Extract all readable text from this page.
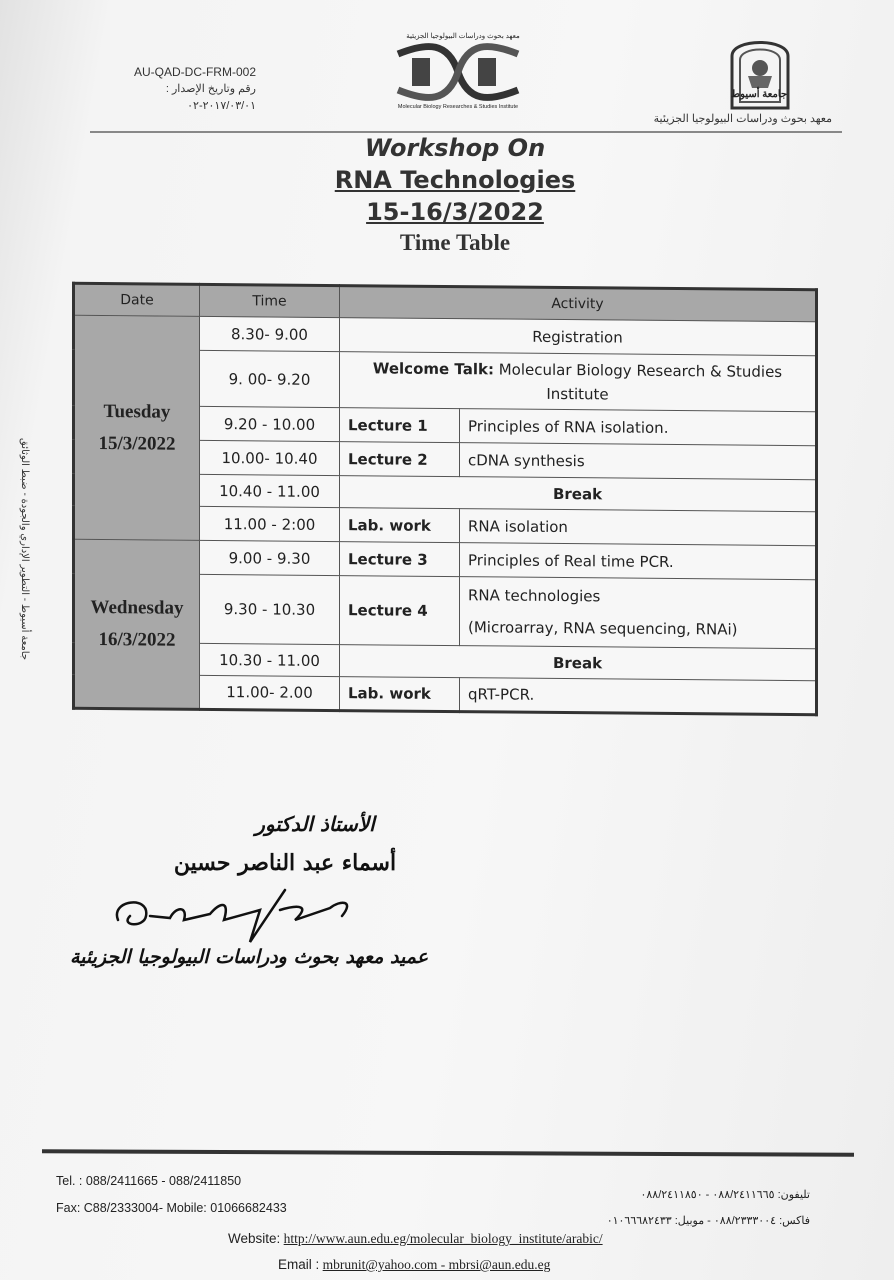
AU-QAD-DC-FRM-002
رقم وتاريخ الإصدار : ٢٠١٧/٠٣/٠١-٠٢
معهد بحوث ودراسات البيولوجيا الجزيئية
Molecular Biology Researches & Studies Institute
جامعة أسيوط
معهد بحوث ودراسات البيولوجيا الجزيئية
Workshop On
RNA Technologies
15-16/3/2022
Time Table
Date	Time	Activity	
Tuesday
15/3/2022	8.30- 9.00	Registration	
	9. 00- 9.20	Welcome Talk: Molecular Biology Research & Studies Institute	
	9.20 - 10.00	Lecture 1	Principles of RNA isolation.
	10.00- 10.40	Lecture 2	cDNA synthesis
	10.40 - 11.00	Break	
	11.00 - 2:00	Lab. work	RNA isolation
Wednesday
16/3/2022	9.00 - 9.30	Lecture 3	Principles of Real time PCR.
	9.30 - 10.30	Lecture 4	RNA technologies
(Microarray, RNA sequencing, RNAi)
	10.30 - 11.00	Break	
	11.00- 2.00	Lab. work	qRT-PCR.
جامعة أسيوط - التطوير الإداري والجودة - ضبط الوثائق
الأستاذ الدكتور
أسماء عبد الناصر حسين
عميد معهد بحوث ودراسات البيولوجيا الجزيئية
Tel. : 088/2411665 - 088/2411850
Fax: C88/2333004- Mobile: 01066682433
تليفون: ٠٨٨/٢٤١١٦٦٥ - ٠٨٨/٢٤١١٨٥٠
فاكس: ٠٨٨/٢٣٣٣٠٠٤ - موبيل: ٠١٠٦٦٦٨٢٤٣٣
Website: http://www.aun.edu.eg/molecular_biology_institute/arabic/
Email : mbrunit@yahoo.com - mbrsi@aun.edu.eg
